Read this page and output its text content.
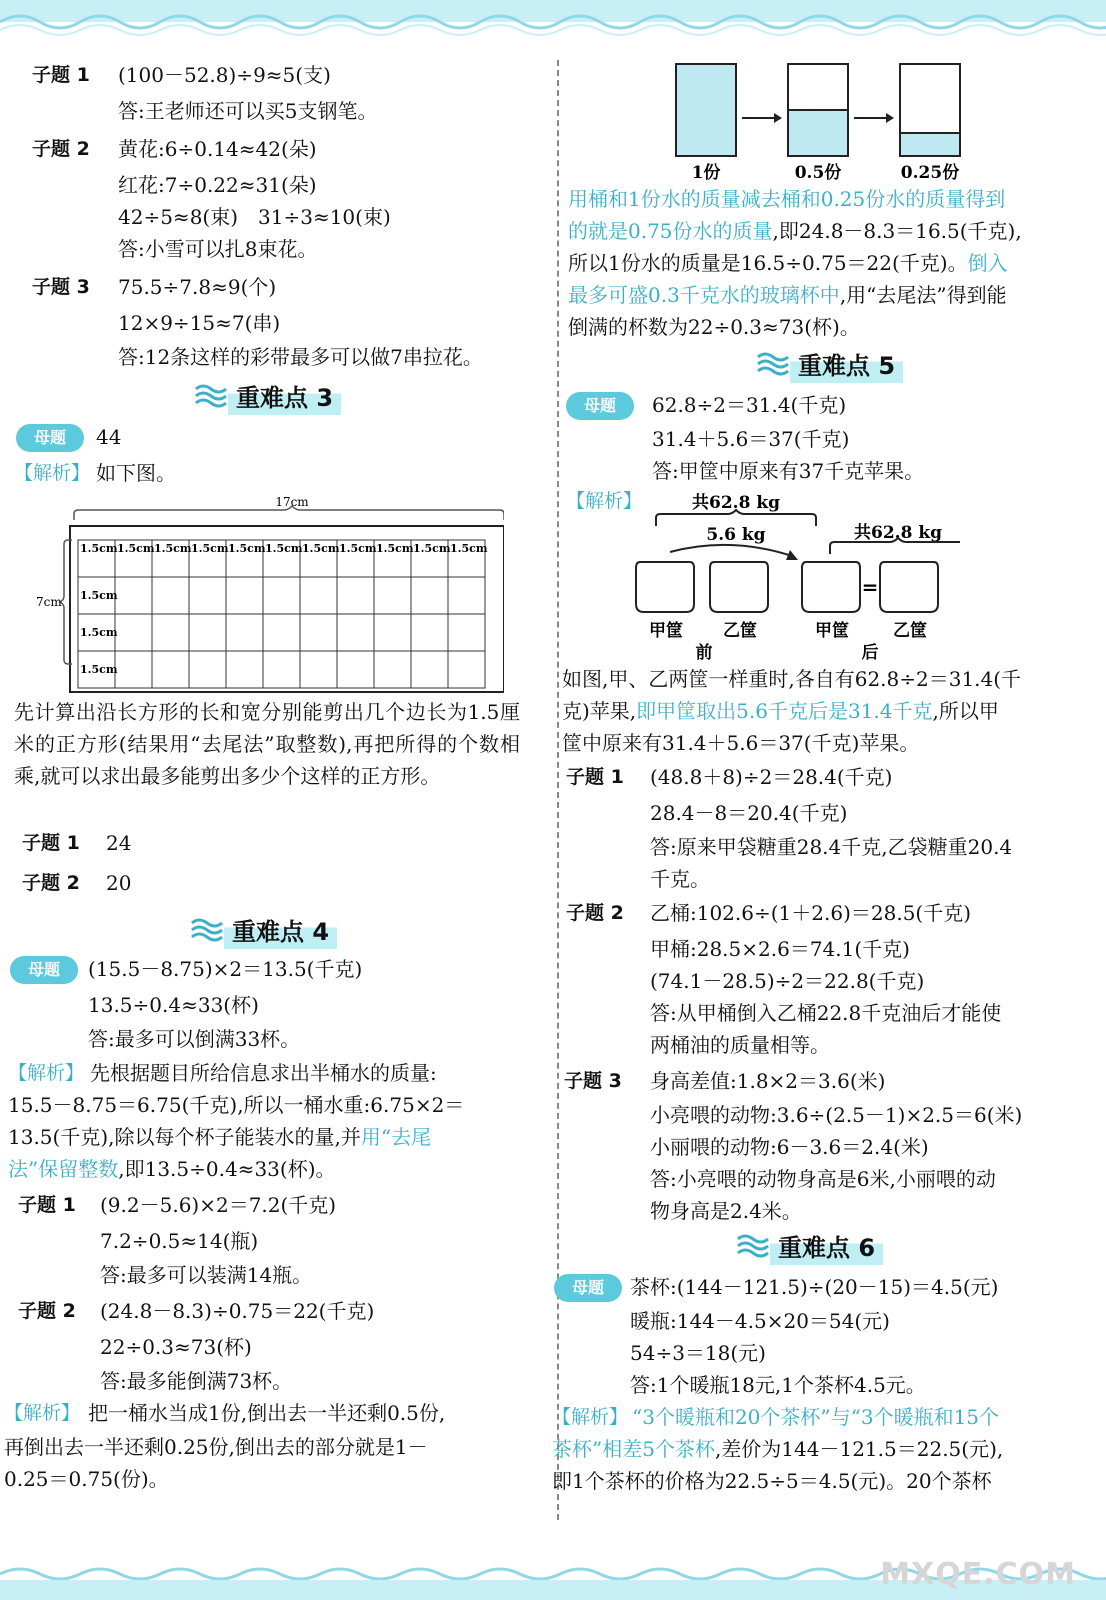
子题 1 (100－52.8)÷9≈5(支)
答:王老师还可以买5支钢笔。
子题 2 黄花:6÷0.14≈42(朵)
红花:7÷0.22≈31(朵)
42÷5≈8(束)　31÷3≈10(束)
答:小雪可以扎8束花。
子题 3 75.5÷7.8≈9(个)
12×9÷15≈7(串)
答:12条这样的彩带最多可以做7串拉花。
重难点 3
母题	44
【解析】 如下图。
1.5cm 1.5cm 1.5cm 1.5cm 1.5cm 1.5cm 1.5cm 1.5cm 1.5cm 1.5cm 1.5cm
1.5cm
1.5cm
1.5cm
17cm
7cm
先计算出沿长方形的长和宽分别能剪出几个边长为1.5厘米的正方形(结果用“去尾法”取整数),再把所得的个数相乘,就可以求出最多能剪出多少个这样的正方形。
子题 1 24
子题 2 20
重难点 4
母题	(15.5－8.75)×2＝13.5(千克)
13.5÷0.4≈33(杯)
答:最多可以倒满33杯。
【解析】 先根据题目所给信息求出半桶水的质量:
15.5－8.75＝6.75(千克),所以一桶水重:6.75×2＝
13.5(千克),除以每个杯子能装水的量,并用“去尾
法”保留整数,即13.5÷0.4≈33(杯)。
子题 1 (9.2－5.6)×2＝7.2(千克)
7.2÷0.5≈14(瓶)
答:最多可以装满14瓶。
子题 2 (24.8－8.3)÷0.75＝22(千克)
22÷0.3≈73(杯)
答:最多能倒满73杯。
【解析】 把一桶水当成1份,倒出去一半还剩0.5份,
再倒出去一半还剩0.25份,倒出去的部分就是1－
0.25＝0.75(份)。
1份	0.5份	0.25份
用桶和1份水的质量减去桶和0.25份水的质量得到
的就是0.75份水的质量,即24.8－8.3＝16.5(千克),
所以1份水的质量是16.5÷0.75＝22(千克)。倒入
最多可盛0.3千克水的玻璃杯中,用“去尾法”得到能
倒满的杯数为22÷0.3≈73(杯)。
重难点 5
母题	62.8÷2＝31.4(千克)
31.4＋5.6＝37(千克)
答:甲筐中原来有37千克苹果。
【解析】	共62.8 kg
5.6 kg	共62.8 kg
=
甲筐 乙筐	甲筐	乙筐
前	后
如图,甲、乙两筐一样重时,各自有62.8÷2＝31.4(千
克)苹果,即甲筐取出5.6千克后是31.4千克,所以甲
筐中原来有31.4＋5.6＝37(千克)苹果。
子题 1 (48.8＋8)÷2＝28.4(千克)
28.4－8＝20.4(千克)
答:原来甲袋糖重28.4千克,乙袋糖重20.4
千克。
子题 2 乙桶:102.6÷(1＋2.6)＝28.5(千克)
甲桶:28.5×2.6＝74.1(千克)
(74.1－28.5)÷2＝22.8(千克)
答:从甲桶倒入乙桶22.8千克油后才能使
两桶油的质量相等。
子题 3 身高差值:1.8×2＝3.6(米)
小亮喂的动物:3.6÷(2.5－1)×2.5＝6(米)
小丽喂的动物:6－3.6＝2.4(米)
答:小亮喂的动物身高是6米,小丽喂的动
物身高是2.4米。
重难点 6
母题	茶杯:(144－121.5)÷(20－15)＝4.5(元)
暖瓶:144－4.5×20＝54(元)
54÷3＝18(元)
答:1个暖瓶18元,1个茶杯4.5元。
【解析】 “3个暖瓶和20个茶杯”与“3个暖瓶和15个
茶杯”相差5个茶杯,差价为144－121.5＝22.5(元),
即1个茶杯的价格为22.5÷5＝4.5(元)。20个茶杯
MXQE.COM
